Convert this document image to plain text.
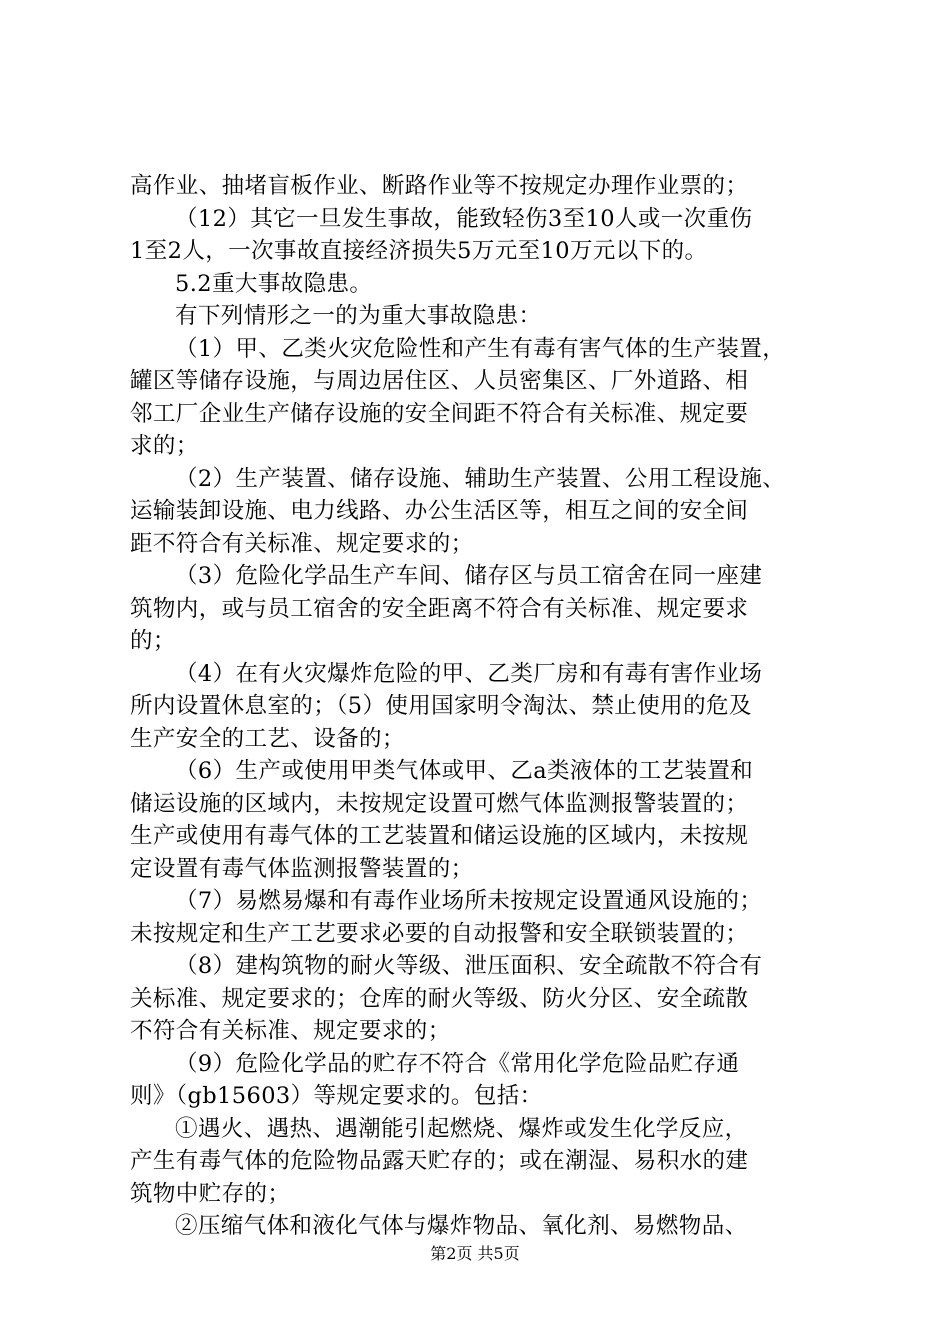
高作业、抽堵盲板作业、断路作业等不按规定办理作业票的；
（12）其它一旦发生事故，能致轻伤3至10人或一次重伤
1至2人，一次事故直接经济损失5万元至10万元以下的。
5.2重大事故隐患。
有下列情形之一的为重大事故隐患：
（1）甲、乙类火灾危险性和产生有毒有害气体的生产装置，
罐区等储存设施，与周边居住区、人员密集区、厂外道路、相
邻工厂企业生产储存设施的安全间距不符合有关标准、规定要
求的；
（2）生产装置、储存设施、辅助生产装置、公用工程设施、
运输装卸设施、电力线路、办公生活区等，相互之间的安全间
距不符合有关标准、规定要求的；
（3）危险化学品生产车间、储存区与员工宿舍在同一座建
筑物内，或与员工宿舍的安全距离不符合有关标准、规定要求
的；
（4）在有火灾爆炸危险的甲、乙类厂房和有毒有害作业场
所内设置休息室的；（5）使用国家明令淘汰、禁止使用的危及
生产安全的工艺、设备的；
（6）生产或使用甲类气体或甲、乙a类液体的工艺装置和
储运设施的区域内，未按规定设置可燃气体监测报警装置的；
生产或使用有毒气体的工艺装置和储运设施的区域内，未按规
定设置有毒气体监测报警装置的；
（7）易燃易爆和有毒作业场所未按规定设置通风设施的；
未按规定和生产工艺要求必要的自动报警和安全联锁装置的；
（8）建构筑物的耐火等级、泄压面积、安全疏散不符合有
关标准、规定要求的；仓库的耐火等级、防火分区、安全疏散
不符合有关标准、规定要求的；
（9）危险化学品的贮存不符合《常用化学危险品贮存通
则》（gb15603）等规定要求的。包括：
①遇火、遇热、遇潮能引起燃烧、爆炸或发生化学反应，
产生有毒气体的危险物品露天贮存的；或在潮湿、易积水的建
筑物中贮存的；
②压缩气体和液化气体与爆炸物品、氧化剂、易燃物品、
第2页 共5页
